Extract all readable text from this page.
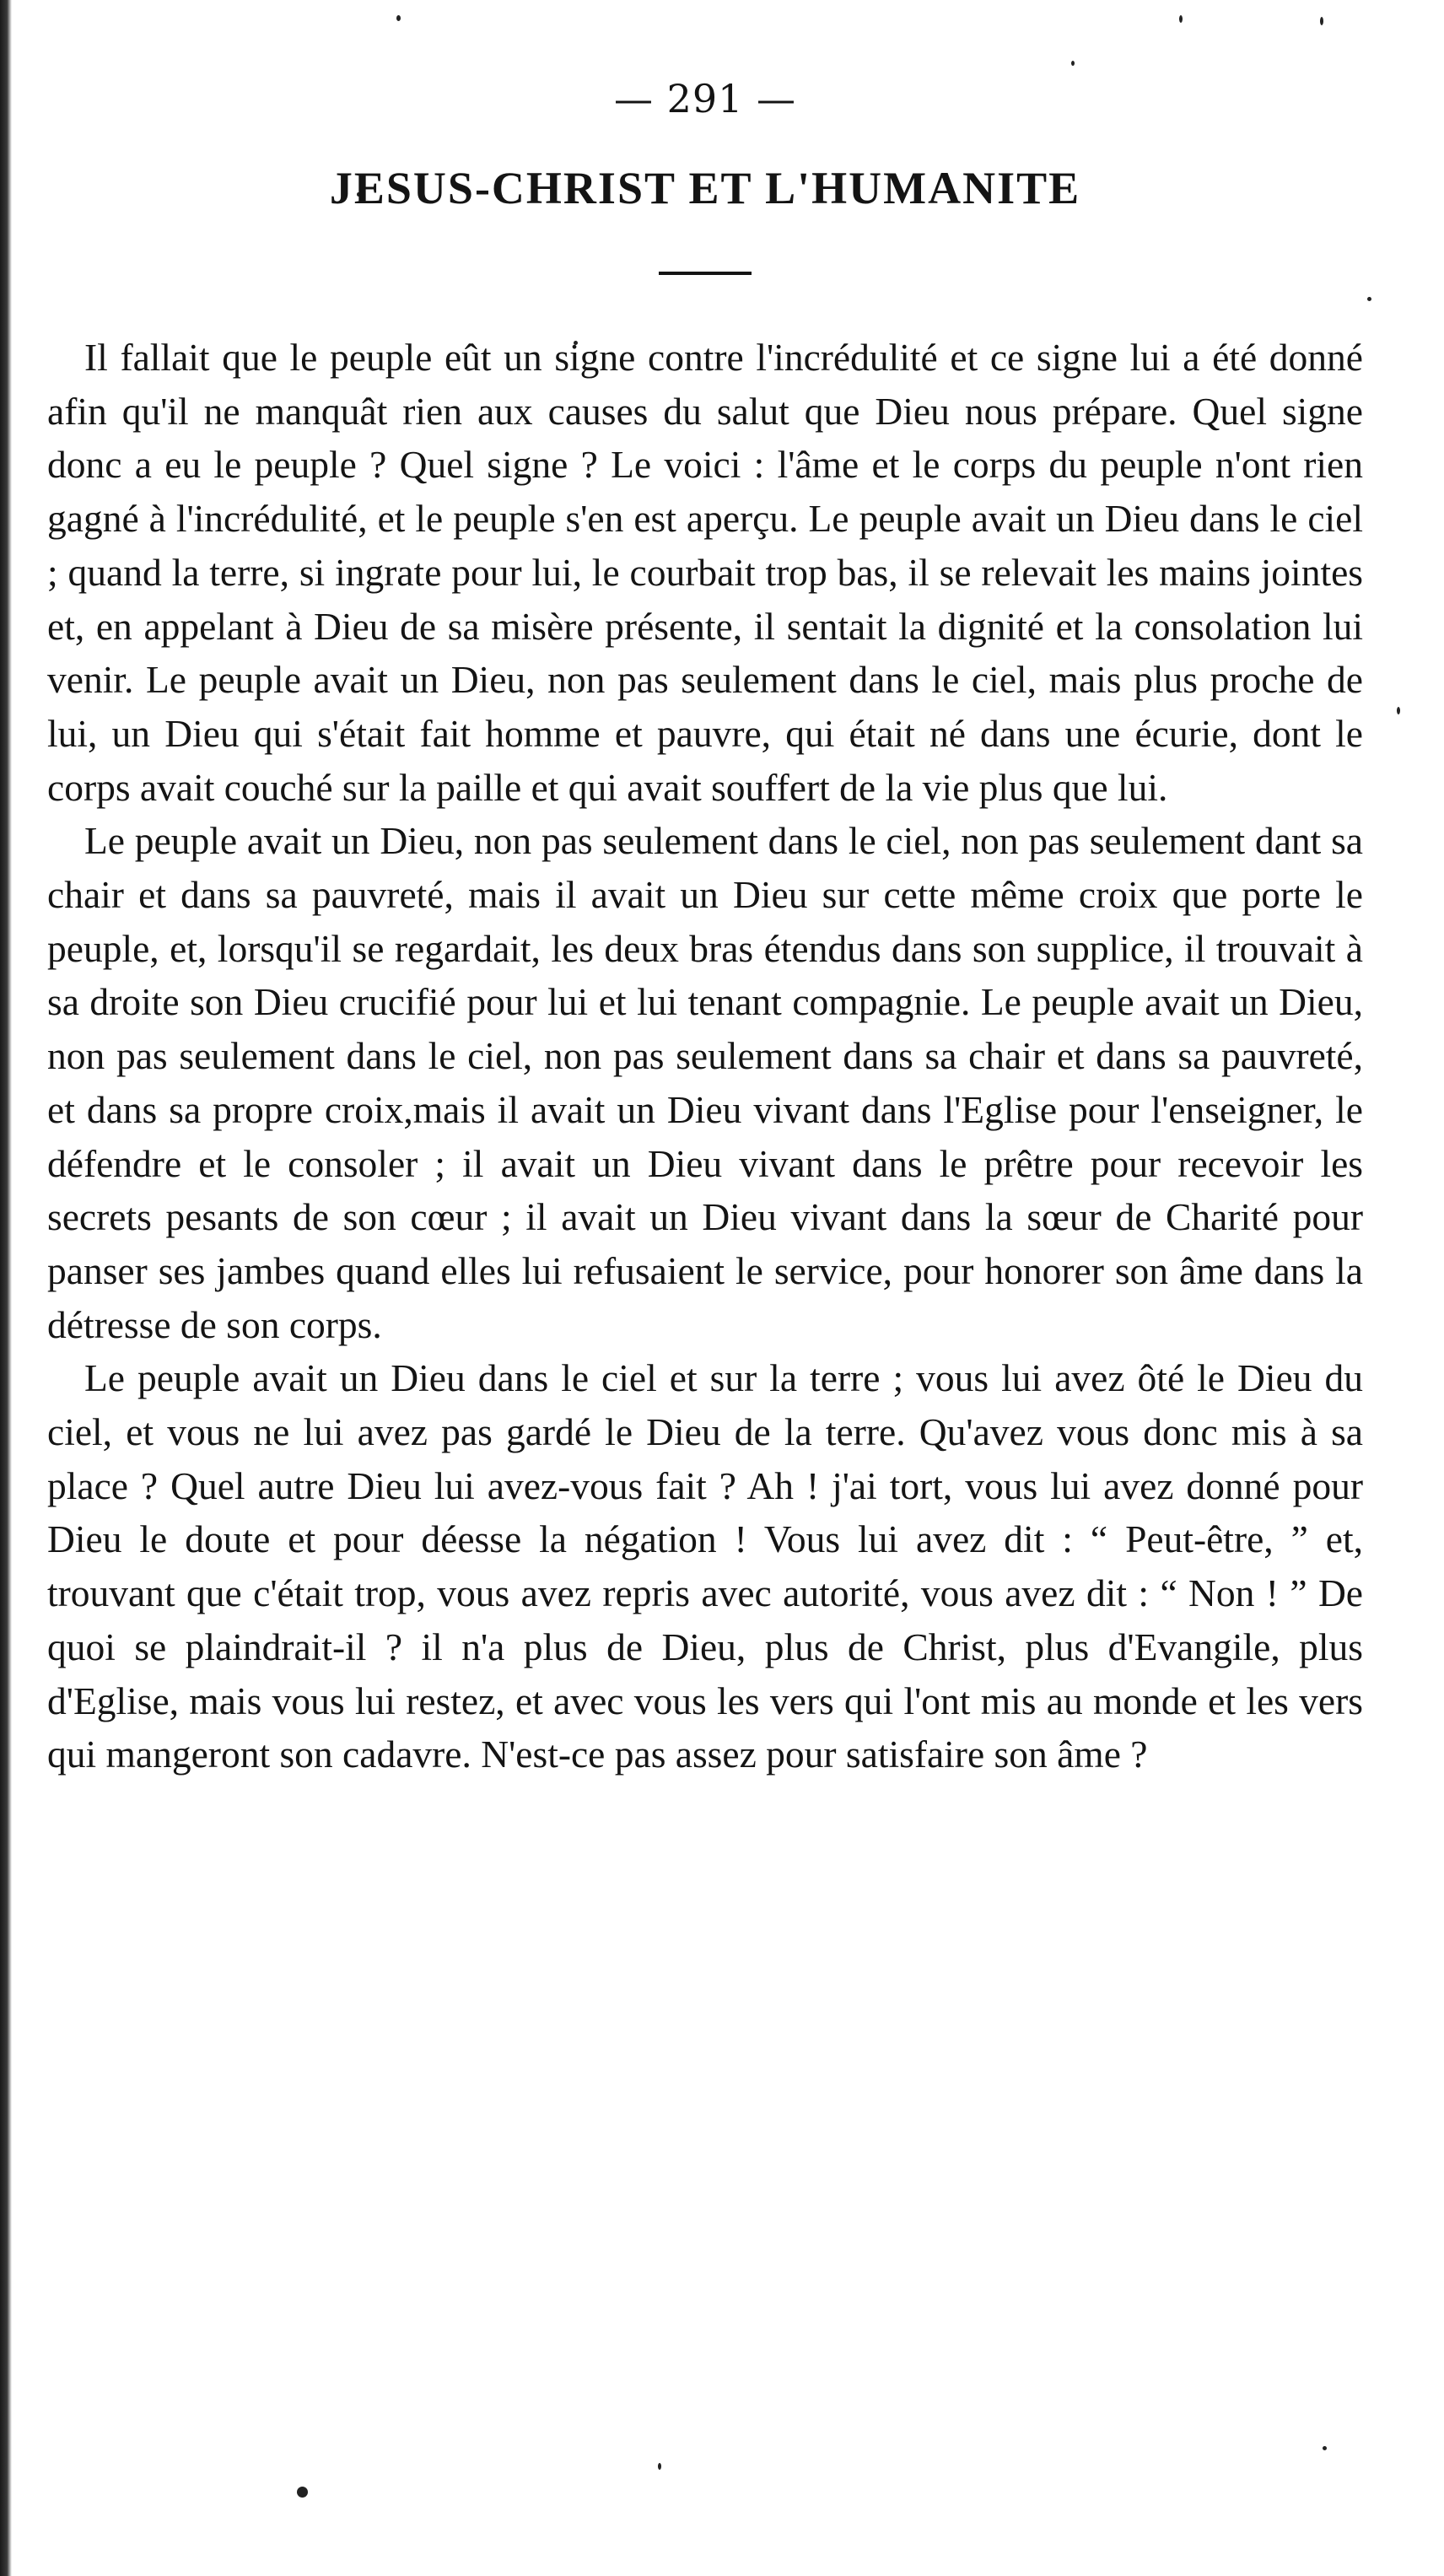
— 291 —
JESUS-CHRIST ET L'HUMANITE

Il fallait que le peuple eût un signe contre l'incrédulité et ce signe lui a été donné afin qu'il ne manquât rien aux causes du salut que Dieu nous prépare. Quel signe donc a eu le peuple ? Quel signe ? Le voici : l'âme et le corps du peuple n'ont rien gagné à l'incrédulité, et le peuple s'en est aperçu. Le peuple avait un Dieu dans le ciel ; quand la terre, si ingrate pour lui, le courbait trop bas, il se relevait les mains jointes et, en appelant à Dieu de sa misère présente, il sentait la dignité et la consolation lui venir. Le peuple avait un Dieu, non pas seulement dans le ciel, mais plus proche de lui, un Dieu qui s'était fait homme et pauvre, qui était né dans une écurie, dont le corps avait couché sur la paille et qui avait souffert de la vie plus que lui.

Le peuple avait un Dieu, non pas seulement dans le ciel, non pas seulement dant sa chair et dans sa pauvreté, mais il avait un Dieu sur cette même croix que porte le peuple, et, lorsqu'il se regardait, les deux bras étendus dans son supplice, il trouvait à sa droite son Dieu crucifié pour lui et lui tenant compagnie. Le peuple avait un Dieu, non pas seulement dans le ciel, non pas seulement dans sa chair et dans sa pauvreté, et dans sa propre croix,mais il avait un Dieu vivant dans l'Eglise pour l'enseigner, le défendre et le consoler ; il avait un Dieu vivant dans le prêtre pour recevoir les secrets pesants de son cœur ; il avait un Dieu vivant dans la sœur de Charité pour panser ses jambes quand elles lui refusaient le service, pour honorer son âme dans la détresse de son corps.

Le peuple avait un Dieu dans le ciel et sur la terre ; vous lui avez ôté le Dieu du ciel, et vous ne lui avez pas gardé le Dieu de la terre. Qu'avez vous donc mis à sa place ? Quel autre Dieu lui avez-vous fait ? Ah ! j'ai tort, vous lui avez donné pour Dieu le doute et pour déesse la négation ! Vous lui avez dit : “ Peut-être, ” et, trouvant que c'était trop, vous avez repris avec autorité, vous avez dit : “ Non ! ” De quoi se plaindrait-il ? il n'a plus de Dieu, plus de Christ, plus d'Evangile, plus d'Eglise, mais vous lui restez, et avec vous les vers qui l'ont mis au monde et les vers qui mangeront son cadavre. N'est-ce pas assez pour satisfaire son âme ?
